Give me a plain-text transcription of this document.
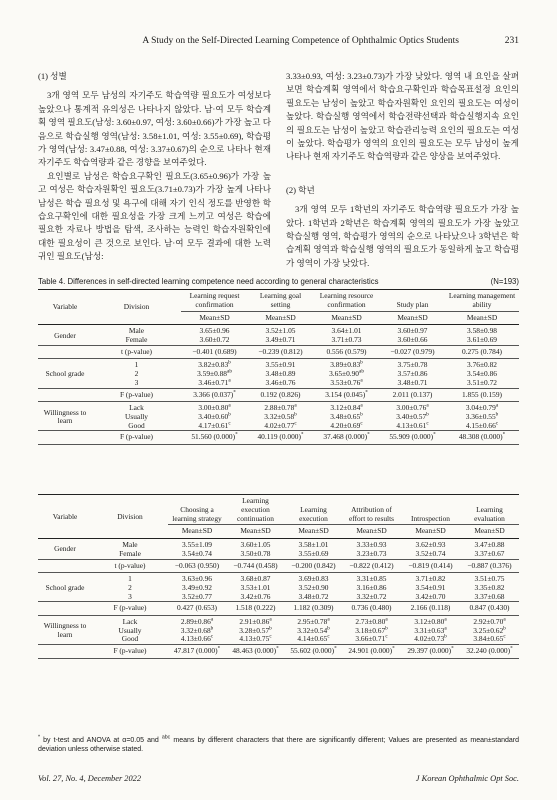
A Study on the Self-Directed Learning Competence of Ophthalmic Optics Students	231

(1) 성별

3개 영역 모두 남성의 자기주도 학습역량 필요도가 여성보다 높았으나 통계적 유의성은 나타나지 않았다. 남·여 모두 학습계획 영역 필요도(남성: 3.60±0.97, 여성: 3.60±0.66)가 가장 높고 다음으로 학습실행 영역(남성: 3.58±1.01, 여성: 3.55±0.69), 학습평가 영역(남성: 3.47±0.88, 여성: 3.37±0.67)의 순으로 나타나 현재 자기주도 학습역량과 같은 경향을 보여주었다.

요인별로 남성은 학습요구확인 필요도(3.65±0.96)가 가장 높고 여성은 학습자원확인 필요도(3.71±0.73)가 가장 높게 나타나 남성은 학습 필요성 및 욕구에 대해 자기 인식 정도를 반영한 학습요구확인에 대한 필요성을 가장 크게 느끼고 여성은 학습에 필요한 자료나 방법을 탐색, 조사하는 능력인 학습자원확인에 대한 필요성이 큰 것으로 보인다. 남·여 모두 결과에 대한 노력 귀인 필요도(남성:

3.33±0.93, 여성: 3.23±0.73)가 가장 낮았다. 영역 내 요인을 살펴보면 학습계획 영역에서 학습요구확인과 학습목표설정 요인의 필요도는 남성이 높았고 학습자원확인 요인의 필요도는 여성이 높았다. 학습실행 영역에서 학습전략선택과 학습실행지속 요인의 필요도는 남성이 높았고 학습관리능력 요인의 필요도는 여성이 높았다. 학습평가 영역의 요인의 필요도는 모두 남성이 높게 나타나 현재 자기주도 학습역량과 같은 양상을 보여주었다.

(2) 학년

3개 영역 모두 1학년의 자기주도 학습역량 필요도가 가장 높았다. 1학년과 2학년은 학습계획 영역의 필요도가 가장 높았고 학습실행 영역, 학습평가 영역의 순으로 나타났으나 3학년은 학습계획 영역과 학습실행 영역의 필요도가 동일하게 높고 학습평가 영역이 가장 낮았다.

Table 4. Differences in self-directed learning competence need according to general characteristics	(N=193)
Variable	Division	Learning request confirmation	Learning goal setting	Learning resource confirmation	Study plan	Learning management ability
		Mean±SD	Mean±SD	Mean±SD	Mean±SD	Mean±SD
Gender	Male	3.65±0.96	3.52±1.05	3.64±1.01	3.60±0.97	3.58±0.98
	Female	3.60±0.72	3.49±0.71	3.71±0.73	3.60±0.66	3.61±0.69
	t (p-value)	−0.401 (0.689)	−0.239 (0.812)	0.556 (0.579)	−0.027 (0.979)	0.275 (0.784)
School grade	1	3.82±0.83$^b$	3.55±0.91	3.89±0.83$^b$	3.75±0.78	3.76±0.82
	2	3.59±0.88$^{ab}$	3.48±0.89	3.65±0.90$^{ab}$	3.57±0.86	3.54±0.86
	3	3.46±0.71$^a$	3.46±0.76	3.53±0.76$^a$	3.48±0.71	3.51±0.72
	F (p-value)	3.366 (0.037)*	0.192 (0.826)	3.154 (0.045)*	2.011 (0.137)	1.855 (0.159)
Willingness to learn	Lack	3.00±0.80$^a$	2.88±0.78$^a$	3.12±0.84$^a$	3.00±0.76$^a$	3.04±0.79$^a$
	Usually	3.40±0.60$^b$	3.32±0.58$^b$	3.48±0.65$^b$	3.40±0.57$^b$	3.36±0.55$^b$
	Good	4.17±0.61$^c$	4.02±0.77$^c$	4.20±0.69$^c$	4.13±0.61$^c$	4.15±0.66$^c$
	F (p-value)	51.560 (0.000)*	40.119 (0.000)*	37.468 (0.000)*	55.909 (0.000)*	48.308 (0.000)*
Variable	Division	Choosing a learning strategy	Learning execution continuation	Learning execution	Attribution of effort to results	Introspection	Learning evaluation
		Mean±SD	Mean±SD	Mean±SD	Mean±SD	Mean±SD	Mean±SD
Gender	Male	3.55±1.09	3.60±1.05	3.58±1.01	3.33±0.93	3.62±0.93	3.47±0.88
	Female	3.54±0.74	3.50±0.78	3.55±0.69	3.23±0.73	3.52±0.74	3.37±0.67
	t (p-value)	−0.063 (0.950)	−0.744 (0.458)	−0.200 (0.842)	−0.822 (0.412)	−0.819 (0.414)	−0.887 (0.376)
School grade	1	3.63±0.96	3.68±0.87	3.69±0.83	3.31±0.85	3.71±0.82	3.51±0.75
	2	3.49±0.92	3.53±1.01	3.52±0.90	3.16±0.86	3.54±0.91	3.35±0.82
	3	3.52±0.77	3.42±0.76	3.48±0.72	3.32±0.72	3.42±0.70	3.37±0.68
	F (p-value)	0.427 (0.653)	1.518 (0.222)	1.182 (0.309)	0.736 (0.480)	2.166 (0.118)	0.847 (0.430)
Willingness to learn	Lack	2.89±0.86$^a$	2.91±0.86$^a$	2.95±0.78$^a$	2.73±0.80$^a$	3.12±0.80$^a$	2.92±0.70$^a$
	Usually	3.32±0.68$^b$	3.28±0.57$^b$	3.32±0.54$^b$	3.18±0.67$^b$	3.31±0.63$^a$	3.25±0.62$^b$
	Good	4.13±0.66$^c$	4.13±0.75$^c$	4.14±0.65$^c$	3.66±0.71$^c$	4.02±0.73$^b$	3.84±0.65$^c$
	F (p-value)	47.817 (0.000)*	48.463 (0.000)*	55.602 (0.000)*	24.901 (0.000)*	29.397 (0.000)*	32.240 (0.000)*
* by t-test and ANOVA at α=0.05 and $^{abc}$ means by different characters that there are significantly different; Values are presented as mean±standard deviation unless otherwise stated.
Vol. 27, No. 4, December 2022	J Korean Ophthalmic Opt Soc.
